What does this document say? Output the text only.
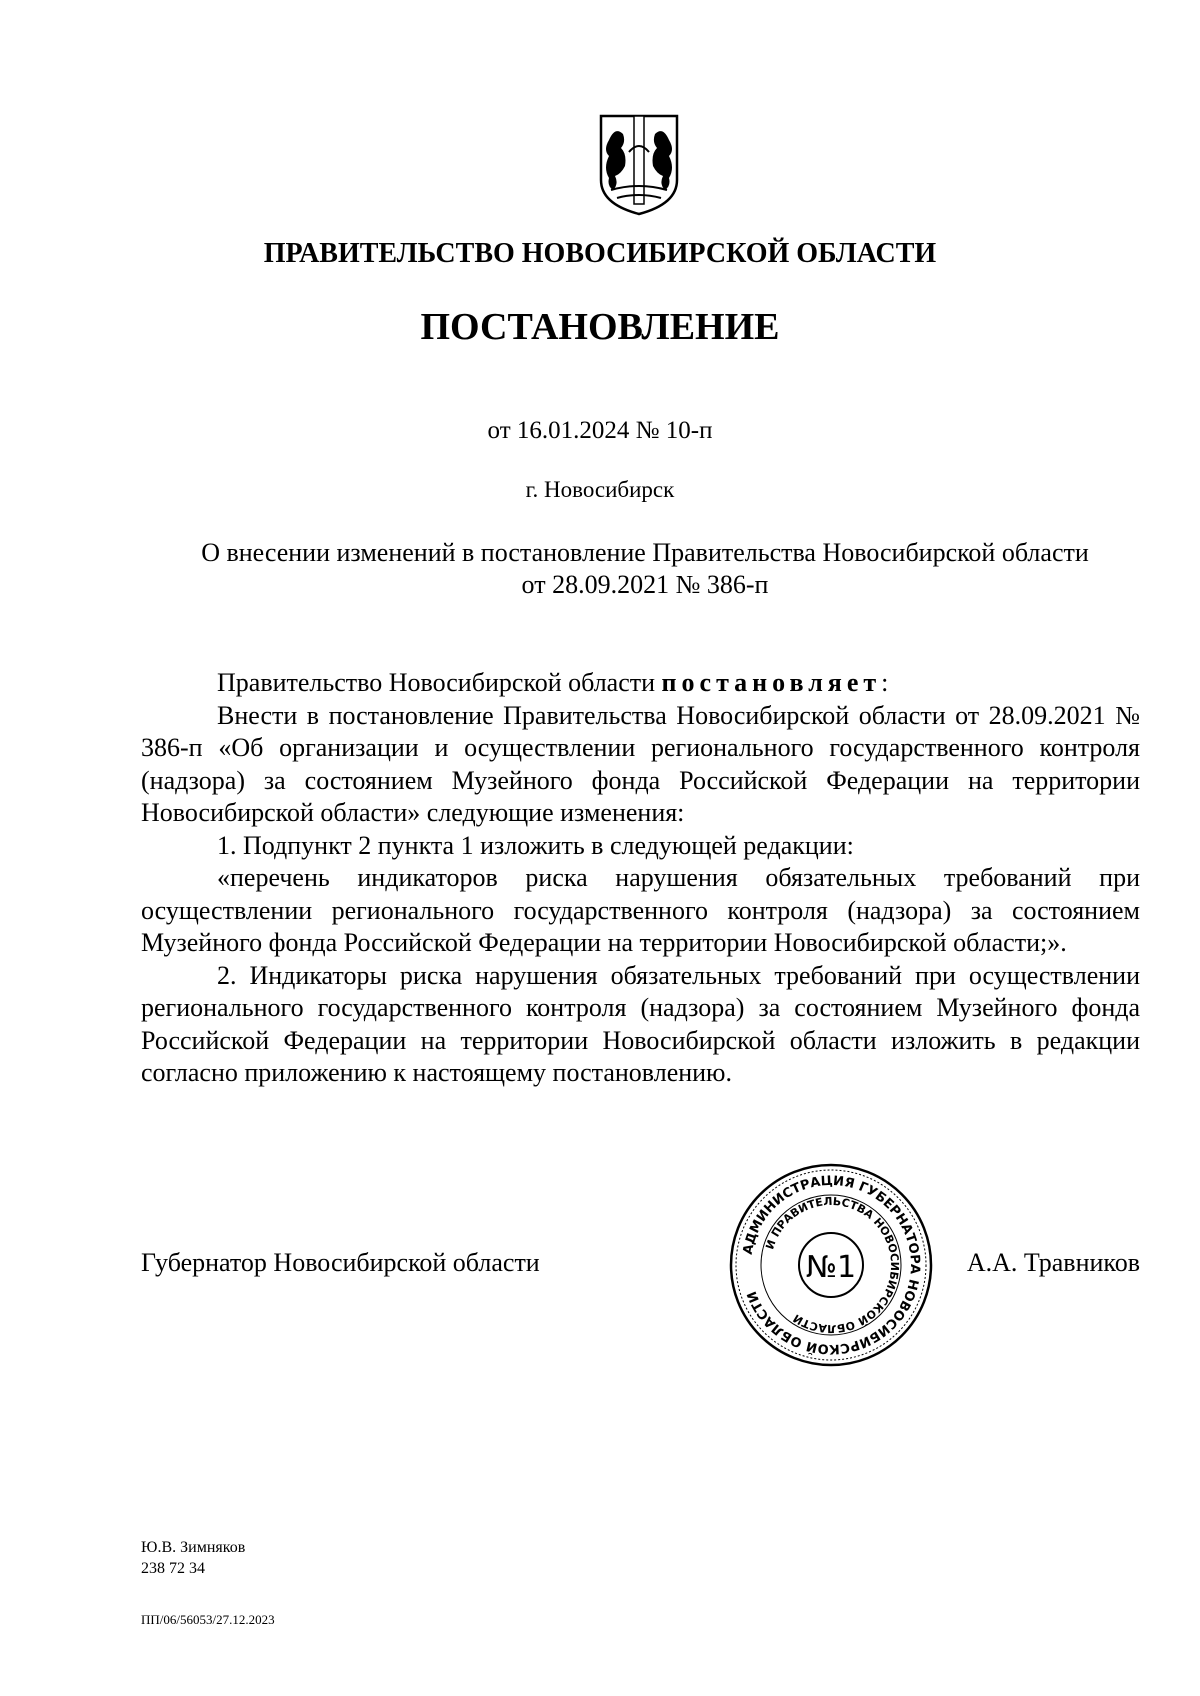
ПРАВИТЕЛЬСТВО НОВОСИБИРСКОЙ ОБЛАСТИ
ПОСТАНОВЛЕНИЕ
от 16.01.2024 № 10-п
г. Новосибирск
О внесении изменений в постановление Правительства Новосибирской области
от 28.09.2021 № 386-п

Правительство Новосибирской области постановляет:

Внести в постановление Правительства Новосибирской области от 28.09.2021 № 386-п «Об организации и осуществлении регионального государственного контроля (надзора) за состоянием Музейного фонда Российской Федерации на территории Новосибирской области» следующие изменения:

1. Подпункт 2 пункта 1 изложить в следующей редакции:

«перечень индикаторов риска нарушения обязательных требований при осуществлении регионального государственного контроля (надзора) за состоянием Музейного фонда Российской Федерации на территории Новосибирской области;».

2. Индикаторы риска нарушения обязательных требований при осуществлении регионального государственного контроля (надзора) за состоянием Музейного фонда Российской Федерации на территории Новосибирской области изложить в редакции согласно приложению к настоящему постановлению.

Губернатор Новосибирской области	АДМИНИСТРАЦИЯ ГУБЕРНАТОРА НОВОСИБИРСКОЙ ОБЛАСТИ
И ПРАВИТЕЛЬСТВА НОВОСИБИРСКОЙ ОБЛАСТИ
№1	А.А. Травников
Ю.В. Зимняков
238 72 34
ПП/06/56053/27.12.2023
